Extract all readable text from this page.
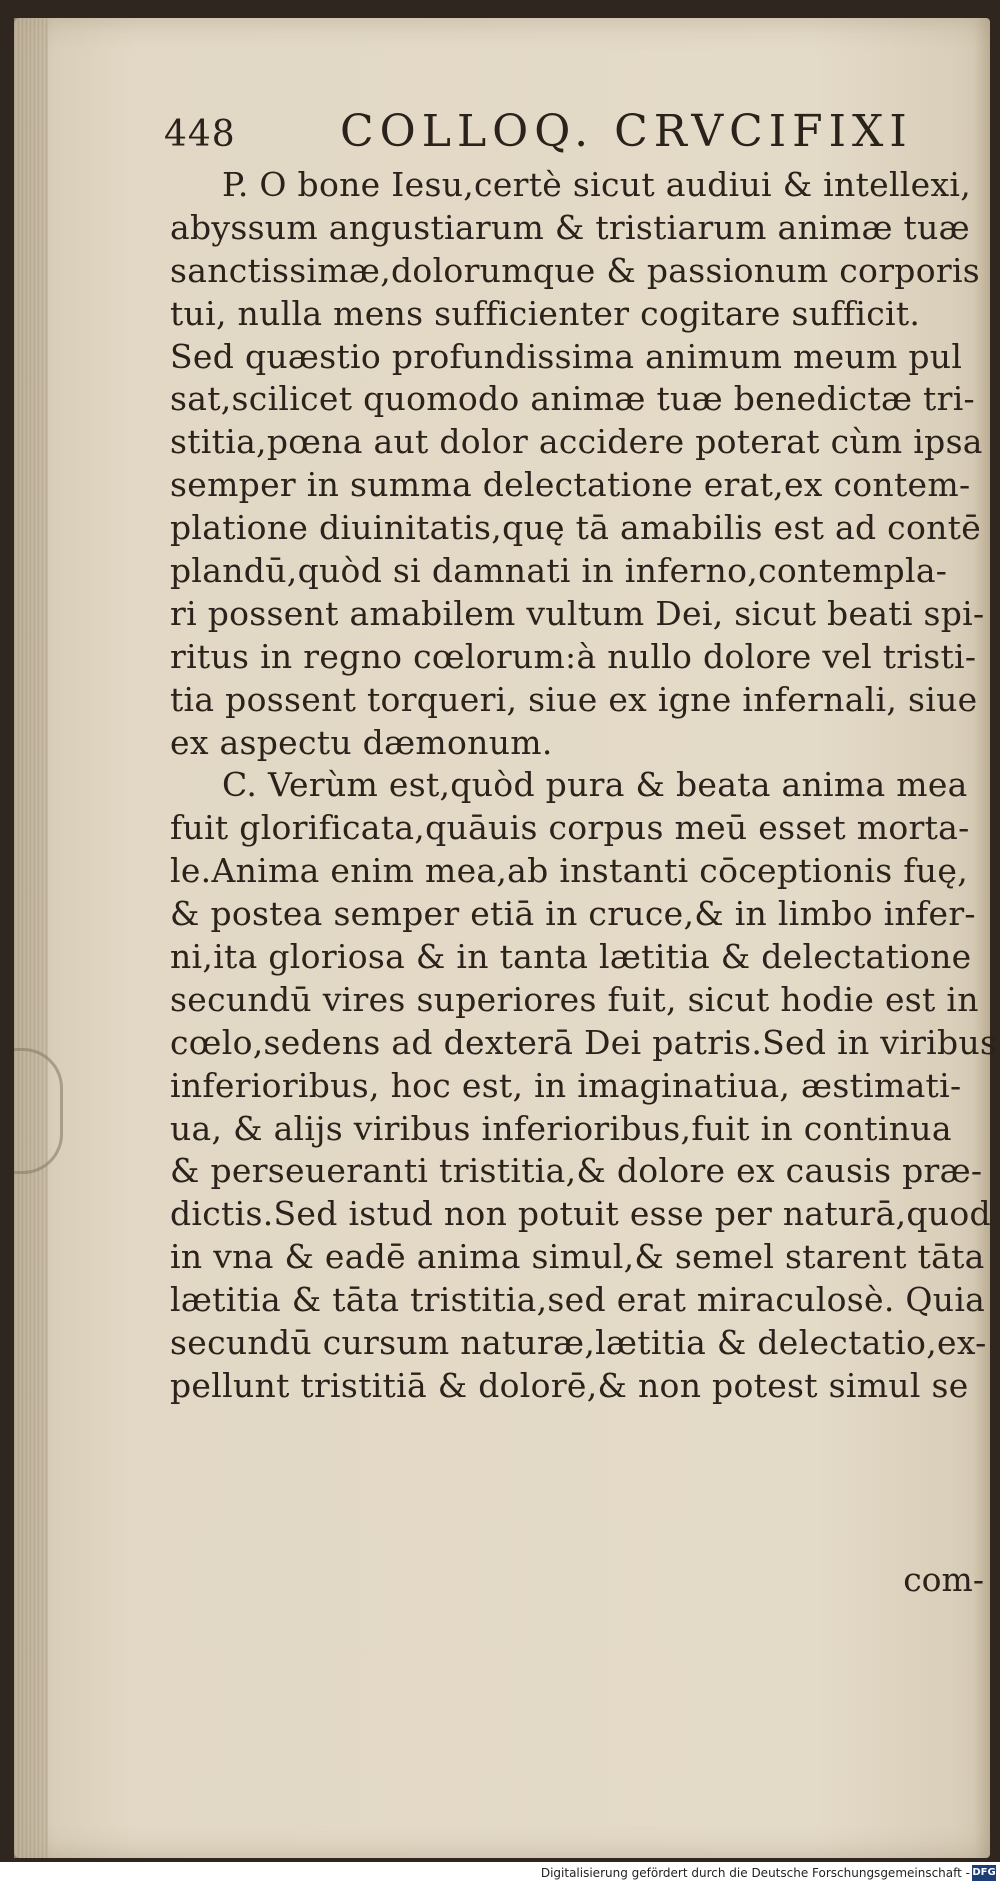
448 COLLOQ. CRVCIFIXI
P. O bone Iesu,certè sicut audiui & intellexi,
abyssum angustiarum & tristiarum animæ tuæ
sanctissimæ,dolorumque & passionum corporis
tui, nulla mens sufficienter cogitare sufficit.
Sed quæstio profundissima animum meum pul
sat,scilicet quomodo animæ tuæ benedictæ tri-
stitia,pœna aut dolor accidere poterat cùm ipsa
semper in summa delectatione erat,ex contem-
platione diuinitatis,quę tā amabilis est ad contē
plandū,quòd si damnati in inferno,contempla-
ri possent amabilem vultum Dei, sicut beati spi-
ritus in regno cœlorum:à nullo dolore vel tristi-
tia possent torqueri, siue ex igne infernali, siue
ex aspectu dæmonum.
C. Verùm est,quòd pura & beata anima mea
fuit glorificata,quāuis corpus meū esset morta-
le.Anima enim mea,ab instanti cōceptionis fuę,
& postea semper etiā in cruce,& in limbo infer-
ni,ita gloriosa & in tanta lætitia & delectatione
secundū vires superiores fuit, sicut hodie est in
cœlo,sedens ad dexterā Dei patris.Sed in viribus
inferioribus, hoc est, in imaginatiua, æstimati-
ua, & alijs viribus inferioribus,fuit in continua
& perseueranti tristitia,& dolore ex causis præ-
dictis.Sed istud non potuit esse per naturā,quod
in vna & eadē anima simul,& semel starent tāta
lætitia & tāta tristitia,sed erat miraculosè. Quia
secundū cursum naturæ,lætitia & delectatio,ex-
pellunt tristitiā & dolorē,& non potest simul se
com-
Digitalisierung gefördert durch die Deutsche Forschungsgemeinschaft - DFG
